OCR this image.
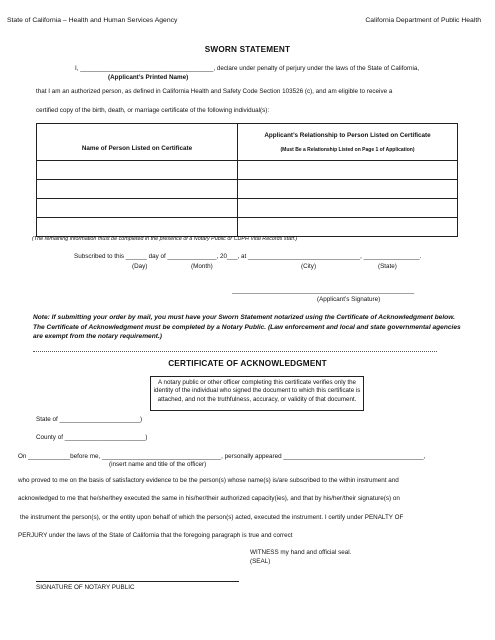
State of California – Health and Human Services Agency	California Department of Public Health
SWORN STATEMENT
I, ______________________________________, declare under penalty of perjury under the laws of the State of California,
(Applicant’s Printed Name)
that I am an authorized person, as defined in California Health and Safety Code Section 103526 (c), and am eligible to receive a
certified copy of the birth, death, or marriage certificate of the following individual(s):
Name of Person Listed on Certificate	Applicant’s Relationship to Person Listed on Certificate
(Must Be a Relationship Listed on Page 1 of Application)

(The remaining information must be completed in the presence of a Notary Public or CDPH Vital Records staff.)
Subscribed to this ______ day of ______________, 20___, at ________________________________, ________________.
(Day)	(Month)	(City)	(State)
____________________________________________________
(Applicant’s Signature)
Note: If submitting your order by mail, you must have your Sworn Statement notarized using the Certificate of Acknowledgment below. The Certificate of Acknowledgment must be completed by a Notary Public. (Law enforcement and local and state governmental agencies are exempt from the notary requirement.)
CERTIFICATE OF ACKNOWLEDGMENT
A notary public or other officer completing this certificate verifies only the identity of the individual who signed the document to which this certificate is attached, and not the truthfulness, accuracy, or validity of that document.
State of _______________________)
County of _______________________)
On ____________before me, __________________________________, personally appeared ________________________________________,
(insert name and title of the officer)
who proved to me on the basis of satisfactory evidence to be the person(s) whose name(s) is/are subscribed to the within instrument and
acknowledged to me that he/she/they executed the same in his/her/their authorized capacity(ies), and that by his/her/their signature(s) on
the instrument the person(s), or the entity upon behalf of which the person(s) acted, executed the instrument. I certify under PENALTY OF
PERJURY under the laws of the State of California that the foregoing paragraph is true and correct
WITNESS my hand and official seal.
(SEAL)
SIGNATURE OF NOTARY PUBLIC
